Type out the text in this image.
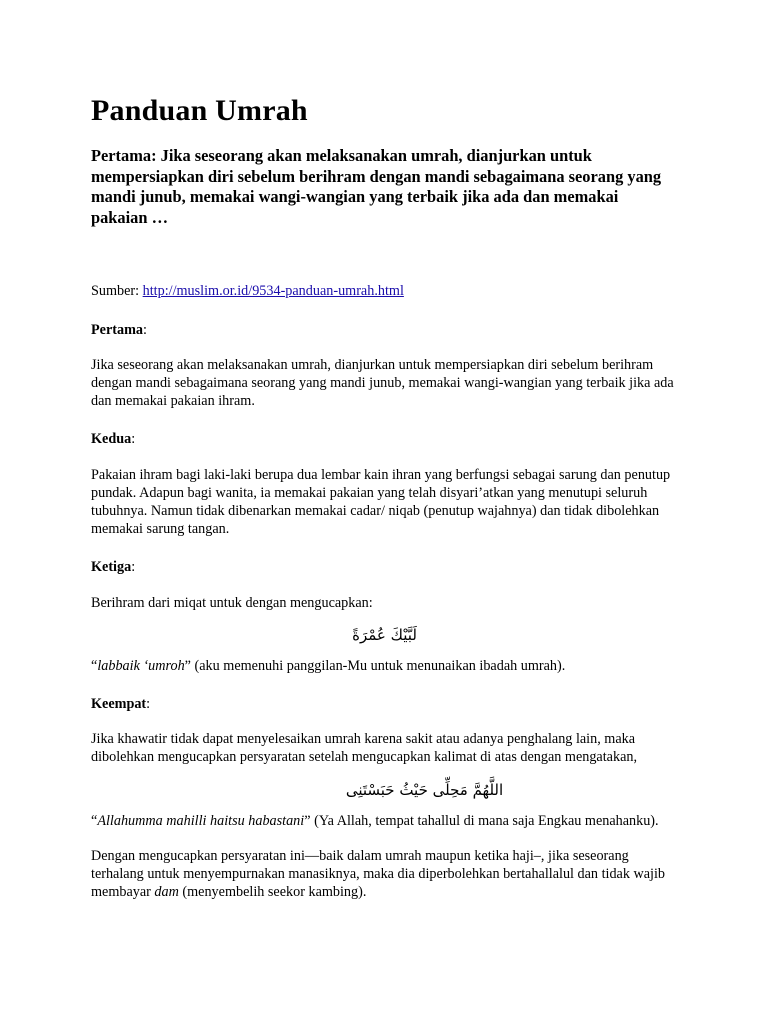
Panduan Umrah

Pertama: Jika seseorang akan melaksanakan umrah, dianjurkan untuk mempersiapkan diri sebelum berihram dengan mandi sebagaimana seorang yang mandi junub, memakai wangi-wangian yang terbaik jika ada dan memakai pakaian …

Sumber: http://muslim.or.id/9534-panduan-umrah.html

Pertama:

Jika seseorang akan melaksanakan umrah, dianjurkan untuk mempersiapkan diri sebelum berihram dengan mandi sebagaimana seorang yang mandi junub, memakai wangi-wangian yang terbaik jika ada dan memakai pakaian ihram.

Kedua:

Pakaian ihram bagi laki-laki berupa dua lembar kain ihran yang berfungsi sebagai sarung dan penutup pundak. Adapun bagi wanita, ia memakai pakaian yang telah disyari’atkan yang menutupi seluruh tubuhnya. Namun tidak dibenarkan memakai cadar/ niqab (penutup wajahnya) dan tidak dibolehkan memakai sarung tangan.

Ketiga:

Berihram dari miqat untuk dengan mengucapkan:

لَبَّيْكَ عُمْرَةً

“labbaik ‘umroh” (aku memenuhi panggilan-Mu untuk menunaikan ibadah umrah).

Keempat:

Jika khawatir tidak dapat menyelesaikan umrah karena sakit atau adanya penghalang lain, maka dibolehkan mengucapkan persyaratan setelah mengucapkan kalimat di atas dengan mengatakan,

اللَّهُمَّ مَحِلِّى حَيْثُ حَبَسْتَنِى

“Allahumma mahilli haitsu habastani” (Ya Allah, tempat tahallul di mana saja Engkau menahanku).

Dengan mengucapkan persyaratan ini—baik dalam umrah maupun ketika haji–, jika seseorang terhalang untuk menyempurnakan manasiknya, maka dia diperbolehkan bertahallalul dan tidak wajib membayar dam (menyembelih seekor kambing).
